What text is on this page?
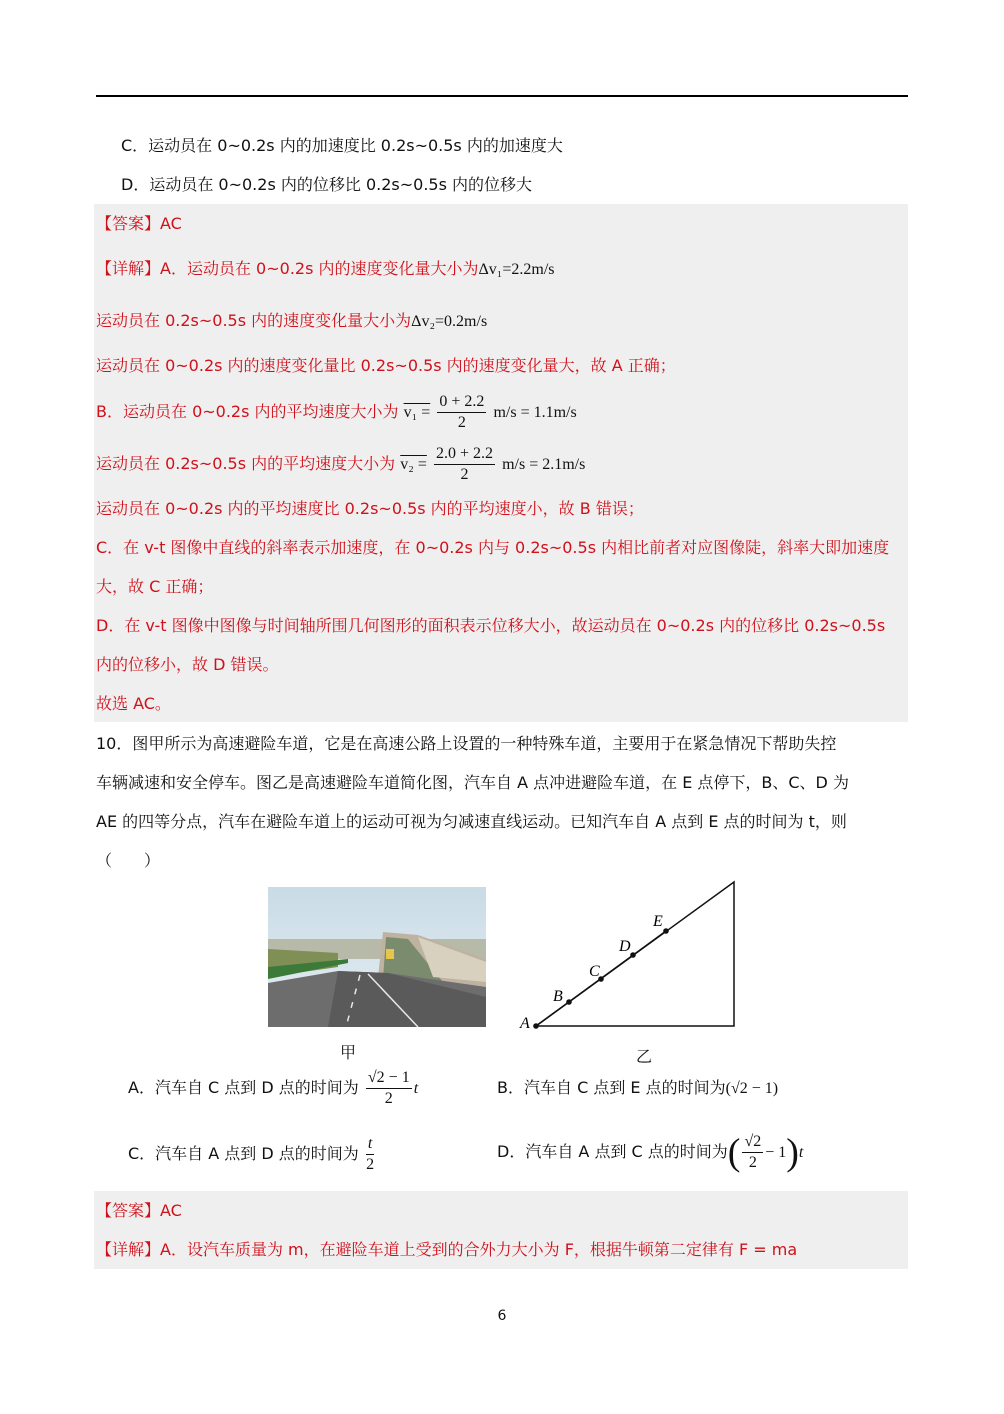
C．运动员在 0~0.2s 内的加速度比 0.2s~0.5s 内的加速度大
D．运动员在 0~0.2s 内的位移比 0.2s~0.5s 内的位移大
【答案】AC
【详解】A．运动员在 0~0.2s 内的速度变化量大小为Δv₁=2.2m/s
运动员在 0.2s~0.5s 内的速度变化量大小为Δv₂=0.2m/s
运动员在 0~0.2s 内的速度变化量比 0.2s~0.5s 内的速度变化量大，故 A 正确；
B．运动员在 0~0.2s 内的平均速度大小为 $v_1 = \frac{0 + 2.2}{2} m/s = 1.1m/s$
运动员在 0.2s~0.5s 内的平均速度大小为 $v_2 = \frac{2.0 + 2.2}{2} m/s = 2.1m/s$
运动员在 0~0.2s 内的平均速度比 0.2s~0.5s 内的平均速度小，故 B 错误；
C．在 v-t 图像中直线的斜率表示加速度，在 0~0.2s 内与 0.2s~0.5s 内相比前者对应图像陡，斜率大即加速度
大，故 C 正确；
D．在 v-t 图像中图像与时间轴所围几何图形的面积表示位移大小，故运动员在 0~0.2s 内的位移比 0.2s~0.5s
内的位移小，故 D 错误。
故选 AC。
10．图甲所示为高速避险车道，它是在高速公路上设置的一种特殊车道，主要用于在紧急情况下帮助失控
车辆减速和安全停车。图乙是高速避险车道简化图，汽车自 A 点冲进避险车道，在 E 点停下，B、C、D 为
AE 的四等分点，汽车在避险车道上的运动可视为匀减速直线运动。已知汽车自 A 点到 E 点的时间为 t，则
（　　）
甲
A
B
C
D
E
乙
A．汽车自 C 点到 D 点的时间为 $\frac{√2 - 1}{2}$ t	B．汽车自 C 点到 E 点的时间为(√2 − 1)
C．汽车自 A 点到 D 点的时间为 $\frac{t}{2}$	D．汽车自 A 点到 C 点的时间为( $\frac{√2}{2} - 1)t$
【答案】AC
【详解】A．设汽车质量为 m，在避险车道上受到的合外力大小为 F，根据牛顿第二定律有 F = ma
6
